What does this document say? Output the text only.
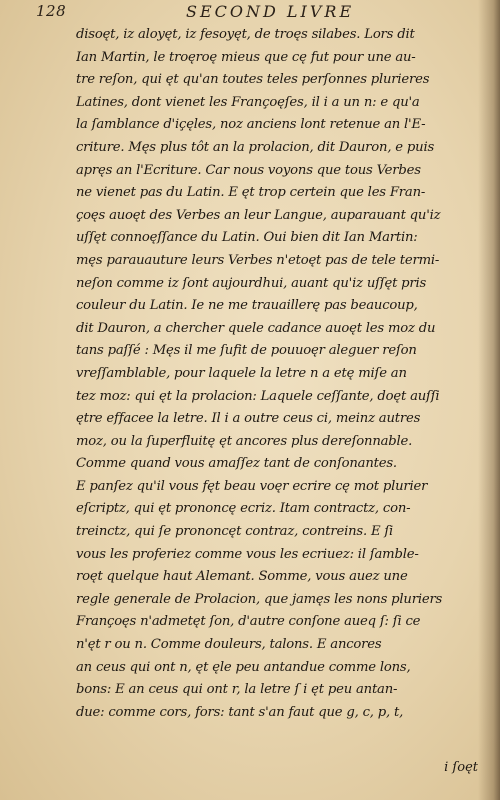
128	SECOND LIVRE
disoęt, iz aloyęt, iz fesoyęt, de troęs silabes. Lors dit
Ian Martin, le troęroę mieus que cę fut pour une au-
tre reſon, qui ęt qu'an toutes teles perſonnes plurieres
Latines, dont vienet les Françoęſes, il i a un n: e qu'a
la ſamblance d'içęles, noz anciens lont retenue an l'E-
criture. Męs plus tôt an la prolacion, dit Dauron, e puis
apręs an l'Ecriture. Car nous voyons que tous Verbes
ne vienet pas du Latin. E ęt trop certein que les Fran-
çoęs auoęt des Verbes an leur Langue, auparauant qu'iz
uſſęt connoęſſance du Latin. Oui bien dit Ian Martin:
męs parauauture leurs Verbes n'etoęt pas de tele termi-
neſon comme iz ſont aujourdhui, auant qu'iz uſſęt pris
couleur du Latin. Ie ne me trauaillerę pas beaucoup,
dit Dauron, a chercher quele cadance auoęt les moz du
tans paſſé : Męs il me ſufit de pouuoęr aleguer reſon
vreſſamblable, pour laquele la letre n a etę miſe an
tez moz: qui ęt la prolacion: Laquele ceſſante, doęt auſſi
ętre effacee la letre. Il i a outre ceus ci, meinz autres
moz, ou la ſuperfluitę ęt ancores plus dereſonnable.
Comme quand vous amaſſez tant de conſonantes.
E panſez qu'il vous fęt beau voęr ecrire cę mot plurier
eſcriptz, qui ęt prononcę ecriz. Itam contractz, con-
treinctz, qui ſe prononcęt contraz, contreins. E ſi
vous les proferiez comme vous les ecriuez: il ſamble-
roęt quelque haut Alemant. Somme, vous auez une
regle generale de Prolacion, que jamęs les nons pluriers
Françoęs n'admetęt ſon, d'autre conſone aueq ſ: ſi ce
n'ęt r ou n. Comme douleurs, talons. E ancores
an ceus qui ont n, ęt ęle peu antandue comme lons,
bons: E an ceus qui ont r, la letre ſ i ęt peu antan-
due: comme cors, fors: tant s'an faut que g, c, p, t,
i ſoęt
